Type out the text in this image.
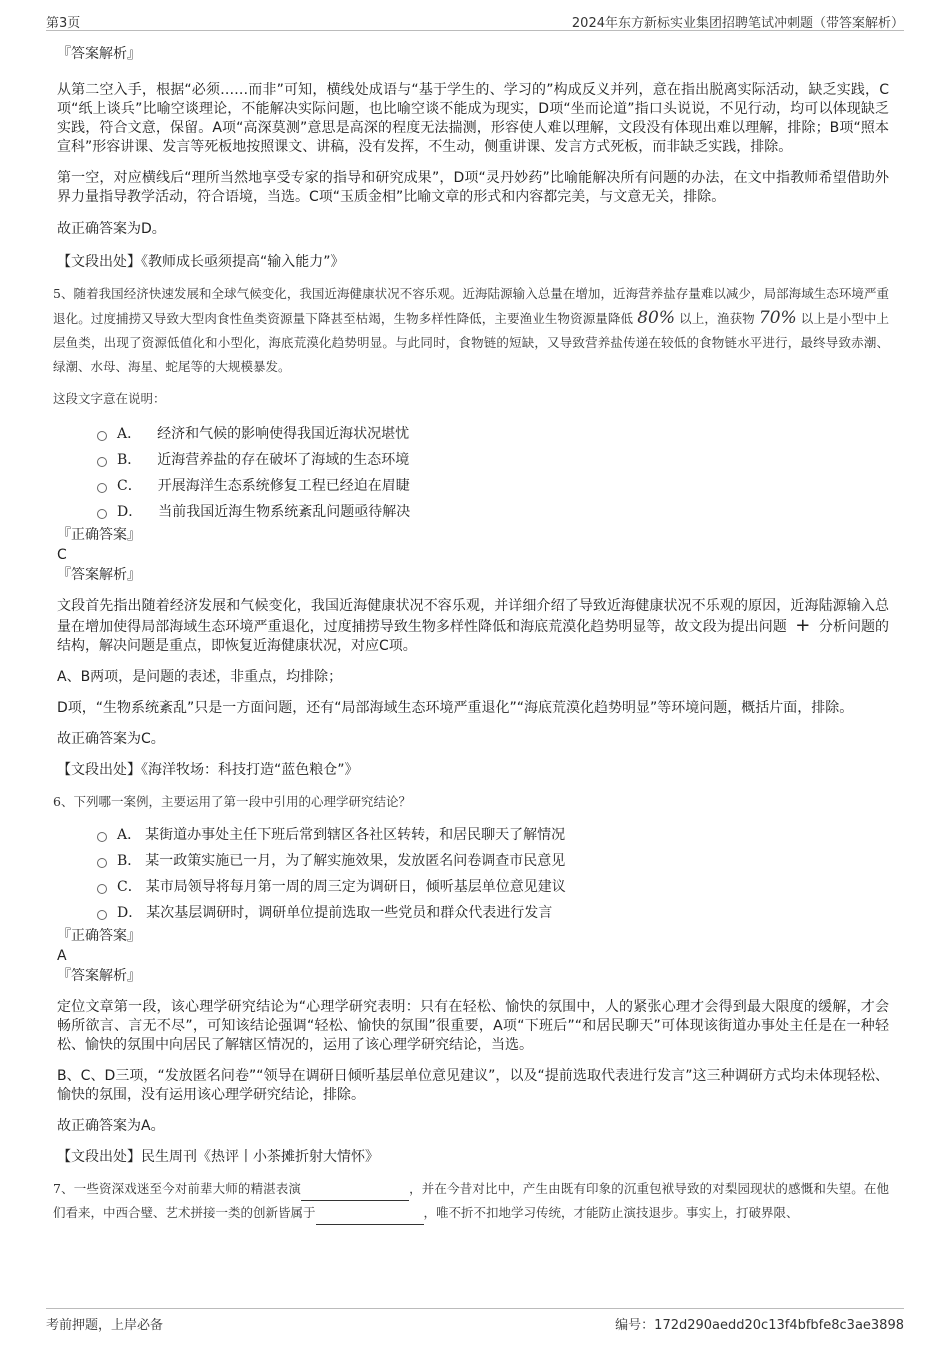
第3页	2024年东方新标实业集团招聘笔试冲刺题（带答案解析）

『答案解析』

从第二空入手，根据“必须……而非”可知，横线处成语与“基于学生的、学习的”构成反义并列，意在指出脱离实际活动，缺乏实践，C项“纸上谈兵”比喻空谈理论，不能解决实际问题，也比喻空谈不能成为现实，D项“坐而论道”指口头说说，不见行动，均可以体现缺乏实践，符合文意，保留。A项“高深莫测”意思是高深的程度无法揣测，形容使人难以理解，文段没有体现出难以理解，排除；B项“照本宣科”形容讲课、发言等死板地按照课文、讲稿，没有发挥，不生动，侧重讲课、发言方式死板，而非缺乏实践，排除。

第一空，对应横线后“理所当然地享受专家的指导和研究成果”，D项“灵丹妙药”比喻能解决所有问题的办法，在文中指教师希望借助外界力量指导教学活动，符合语境，当选。C项“玉质金相”比喻文章的形式和内容都完美，与文意无关，排除。

故正确答案为D。

【文段出处】《教师成长亟须提高“输入能力”》

5、随着我国经济快速发展和全球气候变化，我国近海健康状况不容乐观。近海陆源输入总量在增加，近海营养盐存量难以减少，局部海域生态环境严重退化。过度捕捞又导致大型肉食性鱼类资源量下降甚至枯竭，生物多样性降低，主要渔业生物资源量降低 80% 以上，渔获物 70% 以上是小型中上层鱼类，出现了资源低值化和小型化，海底荒漠化趋势明显。与此同时，食物链的短缺，又导致营养盐传递在较低的食物链水平进行，最终导致赤潮、绿潮、水母、海星、蛇尾等的大规模暴发。

这段文字意在说明：

A． 经济和气候的影响使得我国近海状况堪忧
B． 近海营养盐的存在破坏了海域的生态环境
C． 开展海洋生态系统修复工程已经迫在眉睫
D． 当前我国近海生物系统紊乱问题亟待解决

『正确答案』

C

『答案解析』

文段首先指出随着经济发展和气候变化，我国近海健康状况不容乐观，并详细介绍了导致近海健康状况不乐观的原因，近海陆源输入总量在增加使得局部海域生态环境严重退化，过度捕捞导致生物多样性降低和海底荒漠化趋势明显等，故文段为提出问题 + 分析问题的结构，解决问题是重点，即恢复近海健康状况，对应C项。

A、B两项，是问题的表述，非重点，均排除；

D项，“生物系统紊乱”只是一方面问题，还有“局部海域生态环境严重退化”“海底荒漠化趋势明显”等环境问题，概括片面，排除。

故正确答案为C。

【文段出处】《海洋牧场：科技打造“蓝色粮仓”》

6、下列哪一案例，主要运用了第一段中引用的心理学研究结论？

A． 某街道办事处主任下班后常到辖区各社区转转，和居民聊天了解情况
B． 某一政策实施已一月，为了解实施效果，发放匿名问卷调查市民意见
C． 某市局领导将每月第一周的周三定为调研日，倾听基层单位意见建议
D． 某次基层调研时，调研单位提前选取一些党员和群众代表进行发言

『正确答案』

A

『答案解析』

定位文章第一段，该心理学研究结论为“心理学研究表明：只有在轻松、愉快的氛围中，人的紧张心理才会得到最大限度的缓解，才会畅所欲言、言无不尽”，可知该结论强调“轻松、愉快的氛围”很重要，A项“下班后”“和居民聊天”可体现该街道办事处主任是在一种轻松、愉快的氛围中向居民了解辖区情况的，运用了该心理学研究结论，当选。

B、C、D三项，“发放匿名问卷”“领导在调研日倾听基层单位意见建议”，以及“提前选取代表进行发言”这三种调研方式均未体现轻松、愉快的氛围，没有运用该心理学研究结论，排除。

故正确答案为A。

【文段出处】民生周刊《热评丨小茶摊折射大情怀》

7、一些资深戏迷至今对前辈大师的精湛表演	，并在今昔对比中，产生由既有印象的沉重包袱导致的对梨园现状的感慨和失望。在他们看来，中西合璧、艺术拼接一类的创新皆属于	，唯不折不扣地学习传统，才能防止演技退步。事实上，打破界限、

考前押题，上岸必备	编号：172d290aedd20c13f4bfbfe8c3ae3898
